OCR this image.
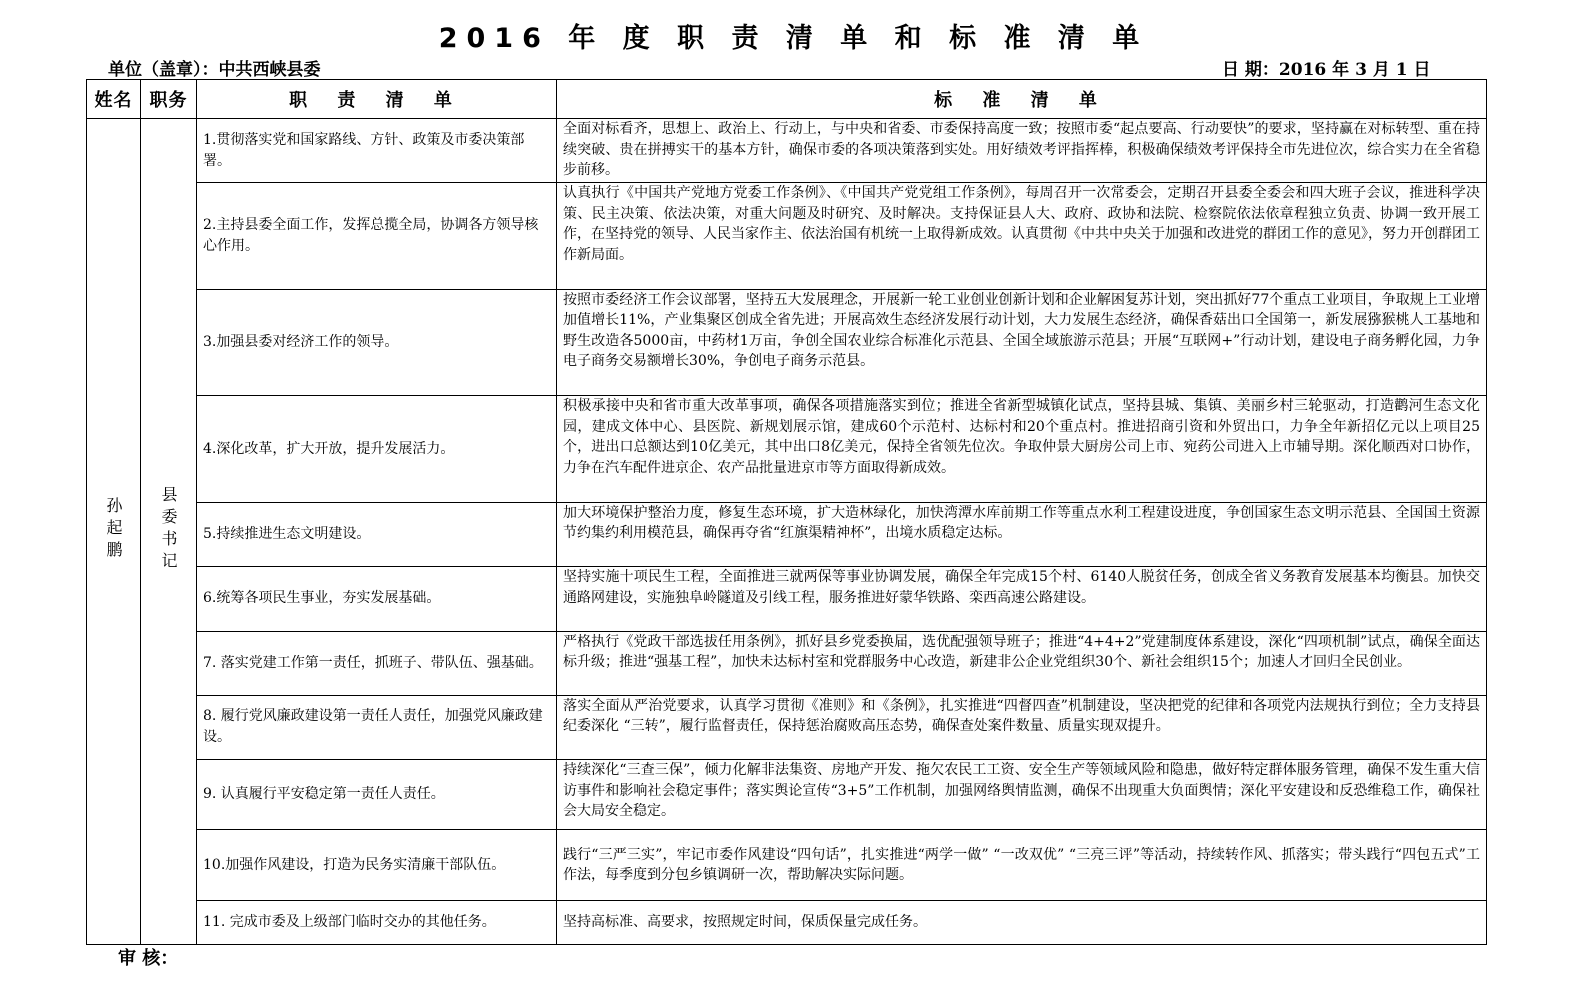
2016 年 度 职 责 清 单 和 标 准 清 单
单位（盖章）：中共西峡县委	日 期：2016 年 3 月 1 日
姓名	职务	职 责 清 单	标 准 清 单
孙起鹏	县委书记	1.贯彻落实党和国家路线、方针、政策及市委决策部署。	全面对标看齐，思想上、政治上、行动上，与中央和省委、市委保持高度一致；按照市委“起点要高、行动要快”的要求，坚持赢在对标转型、重在持续突破、贵在拼搏实干的基本方针，确保市委的各项决策落到实处。用好绩效考评指挥棒，积极确保绩效考评保持全市先进位次，综合实力在全省稳步前移。
		2.主持县委全面工作，发挥总揽全局，协调各方领导核心作用。	认真执行《中国共产党地方党委工作条例》、《中国共产党党组工作条例》，每周召开一次常委会，定期召开县委全委会和四大班子会议，推进科学决策、民主决策、依法决策，对重大问题及时研究、及时解决。支持保证县人大、政府、政协和法院、检察院依法依章程独立负责、协调一致开展工作，在坚持党的领导、人民当家作主、依法治国有机统一上取得新成效。认真贯彻《中共中央关于加强和改进党的群团工作的意见》，努力开创群团工作新局面。
		3.加强县委对经济工作的领导。	按照市委经济工作会议部署，坚持五大发展理念，开展新一轮工业创业创新计划和企业解困复苏计划，突出抓好77个重点工业项目，争取规上工业增加值增长11%，产业集聚区创成全省先进；开展高效生态经济发展行动计划，大力发展生态经济，确保香菇出口全国第一，新发展猕猴桃人工基地和野生改造各5000亩，中药材1万亩，争创全国农业综合标准化示范县、全国全域旅游示范县；开展“互联网+”行动计划，建设电子商务孵化园，力争电子商务交易额增长30%，争创电子商务示范县。
		4.深化改革，扩大开放，提升发展活力。	积极承接中央和省市重大改革事项，确保各项措施落实到位；推进全省新型城镇化试点，坚持县城、集镇、美丽乡村三轮驱动，打造鹳河生态文化园，建成文体中心、县医院、新规划展示馆，建成60个示范村、达标村和20个重点村。推进招商引资和外贸出口，力争全年新招亿元以上项目25个，进出口总额达到10亿美元，其中出口8亿美元，保持全省领先位次。争取仲景大厨房公司上市、宛药公司进入上市辅导期。深化顺西对口协作，力争在汽车配件进京企、农产品批量进京市等方面取得新成效。
		5.持续推进生态文明建设。	加大环境保护整治力度，修复生态环境，扩大造林绿化，加快湾潭水库前期工作等重点水利工程建设进度，争创国家生态文明示范县、全国国土资源节约集约利用模范县，确保再夺省“红旗渠精神杯”，出境水质稳定达标。
		6.统筹各项民生事业，夯实发展基础。	坚持实施十项民生工程，全面推进三就两保等事业协调发展，确保全年完成15个村、6140人脱贫任务，创成全省义务教育发展基本均衡县。加快交通路网建设，实施独阜岭隧道及引线工程，服务推进好蒙华铁路、栾西高速公路建设。
		7. 落实党建工作第一责任，抓班子、带队伍、强基础。	严格执行《党政干部选拔任用条例》，抓好县乡党委换届，选优配强领导班子；推进“4+4+2”党建制度体系建设，深化“四项机制”试点，确保全面达标升级；推进“强基工程”，加快未达标村室和党群服务中心改造，新建非公企业党组织30个、新社会组织15个；加速人才回归全民创业。
		8. 履行党风廉政建设第一责任人责任，加强党风廉政建设。	落实全面从严治党要求，认真学习贯彻《准则》和《条例》，扎实推进“四督四查”机制建设，坚决把党的纪律和各项党内法规执行到位；全力支持县纪委深化 “三转”，履行监督责任，保持惩治腐败高压态势，确保查处案件数量、质量实现双提升。
		9. 认真履行平安稳定第一责任人责任。	持续深化“三查三保”，倾力化解非法集资、房地产开发、拖欠农民工工资、安全生产等领域风险和隐患，做好特定群体服务管理，确保不发生重大信访事件和影响社会稳定事件；落实舆论宣传“3+5”工作机制，加强网络舆情监测，确保不出现重大负面舆情；深化平安建设和反恐维稳工作，确保社会大局安全稳定。
		10.加强作风建设，打造为民务实清廉干部队伍。	践行“三严三实”，牢记市委作风建设“四句话”，扎实推进“两学一做” “一改双优” “三亮三评”等活动，持续转作风、抓落实；带头践行“四包五式”工作法，每季度到分包乡镇调研一次，帮助解决实际问题。
		11. 完成市委及上级部门临时交办的其他任务。	坚持高标准、高要求，按照规定时间，保质保量完成任务。
审 核：
